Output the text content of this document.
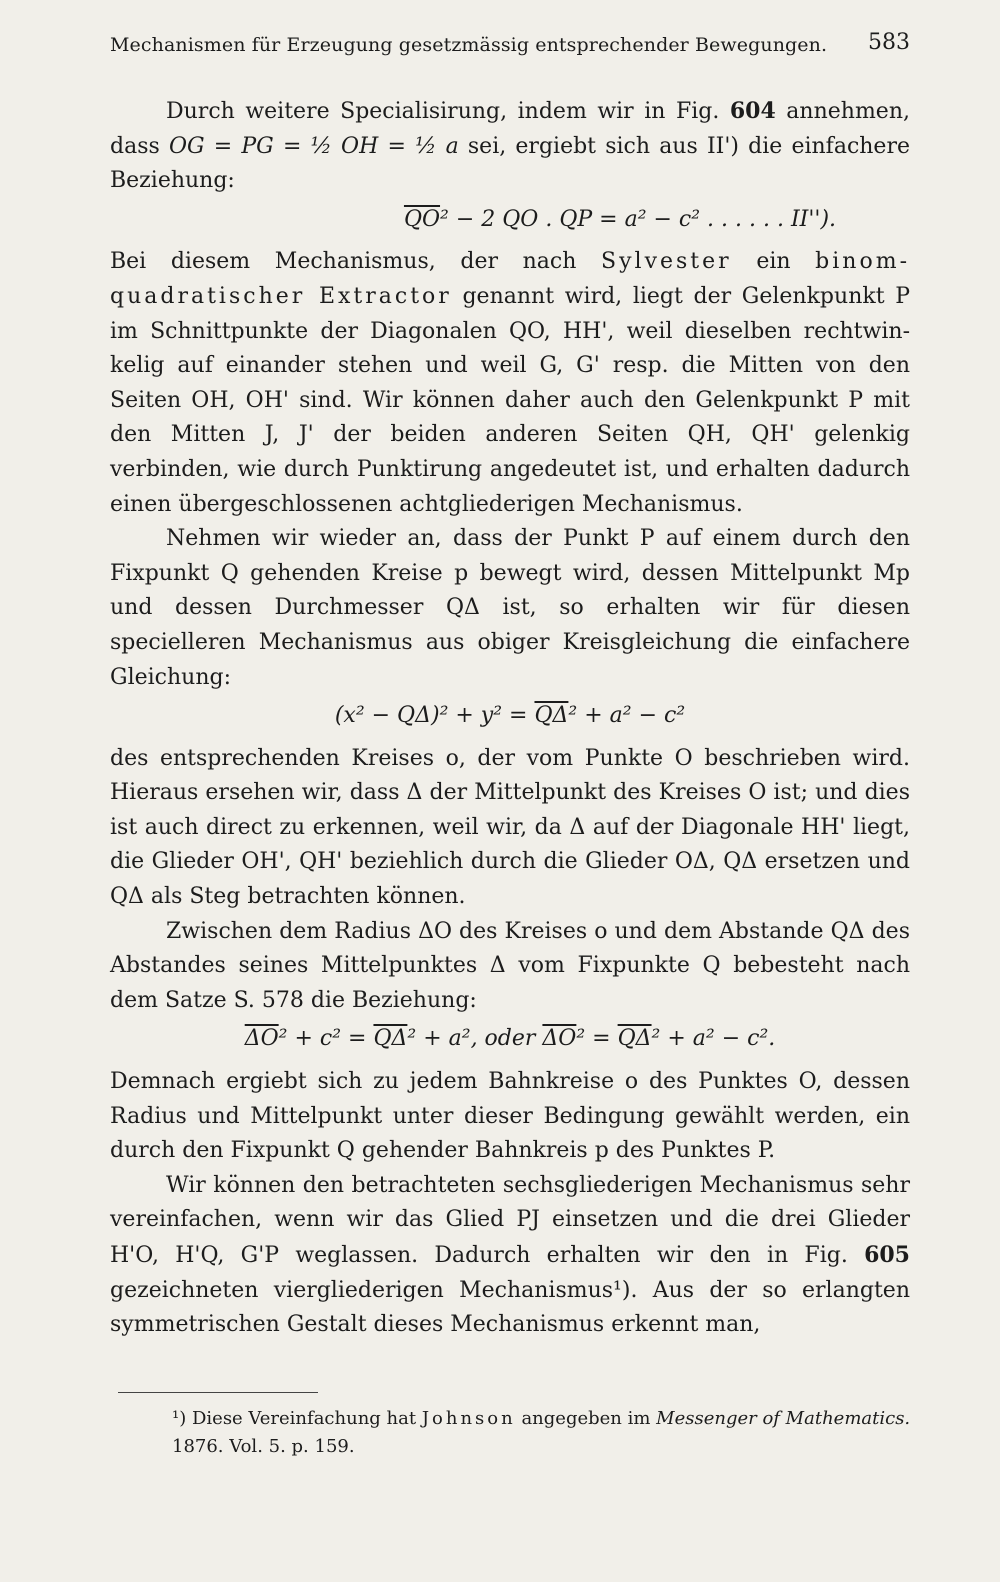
Mechanismen für Erzeugung gesetzmässig entsprechender Bewegungen. 583

Durch weitere Specialisirung, indem wir in Fig. 604 annehmen, dass OG = PG = ½ OH = ½ a sei, ergiebt sich aus II') die einfachere Beziehung:

$\overline{QO}^2 - 2$ QO . QP = a² − c² . . . . . . II'').

Bei diesem Mechanismus, der nach Sylvester ein binom-quadratischer Extractor genannt wird, liegt der Gelenkpunkt P im Schnittpunkte der Diagonalen QO, HH', weil dieselben rechtwinkelig auf einander stehen und weil G, G' resp. die Mitten von den Seiten OH, OH' sind. Wir können daher auch den Gelenkpunkt P mit den Mitten J, J' der beiden anderen Seiten QH, QH' gelenkig verbinden, wie durch Punktirung angedeutet ist, und erhalten dadurch einen übergeschlossenen achtgliederigen Mechanismus.

Nehmen wir wieder an, dass der Punkt P auf einem durch den Fixpunkt Q gehenden Kreise p bewegt wird, dessen Mittelpunkt Mp und dessen Durchmesser QΔ ist, so erhalten wir für diesen specielleren Mechanismus aus obiger Kreisgleichung die einfachere Gleichung:

$(x^2 - Q\Delta)^2 + y^2 = \overline{Q\Delta}^2 + a^2 - c^2$

des entsprechenden Kreises o, der vom Punkte O beschrieben wird. Hieraus ersehen wir, dass Δ der Mittelpunkt des Kreises O ist; und dies ist auch direct zu erkennen, weil wir, da Δ auf der Diagonale HH' liegt, die Glieder OH', QH' beziehlich durch die Glieder OΔ, QΔ ersetzen und QΔ als Steg betrachten können.

Zwischen dem Radius ΔO des Kreises o und dem Abstande QΔ des Abstandes seines Mittelpunktes Δ vom Fixpunkte Q bebesteht nach dem Satze S. 578 die Beziehung:

$\overline{\Delta O}^2 + c^2 = \overline{Q\Delta}^2 + a^2$, oder $\overline{\Delta O}^2 = \overline{Q\Delta}^2 + a^2 - c^2$.

Demnach ergiebt sich zu jedem Bahnkreise o des Punktes O, dessen Radius und Mittelpunkt unter dieser Bedingung gewählt werden, ein durch den Fixpunkt Q gehender Bahnkreis p des Punktes P.

Wir können den betrachteten sechsgliederigen Mechanismus sehr vereinfachen, wenn wir das Glied PJ einsetzen und die drei Glieder H'O, H'Q, G'P weglassen. Dadurch erhalten wir den in Fig. 605 gezeichneten viergliederigen Mechanismus¹). Aus der so erlangten symmetrischen Gestalt dieses Mechanismus erkennt man,

¹) Diese Vereinfachung hat Johnson angegeben im Messenger of Mathematics. 1876. Vol. 5. p. 159.
